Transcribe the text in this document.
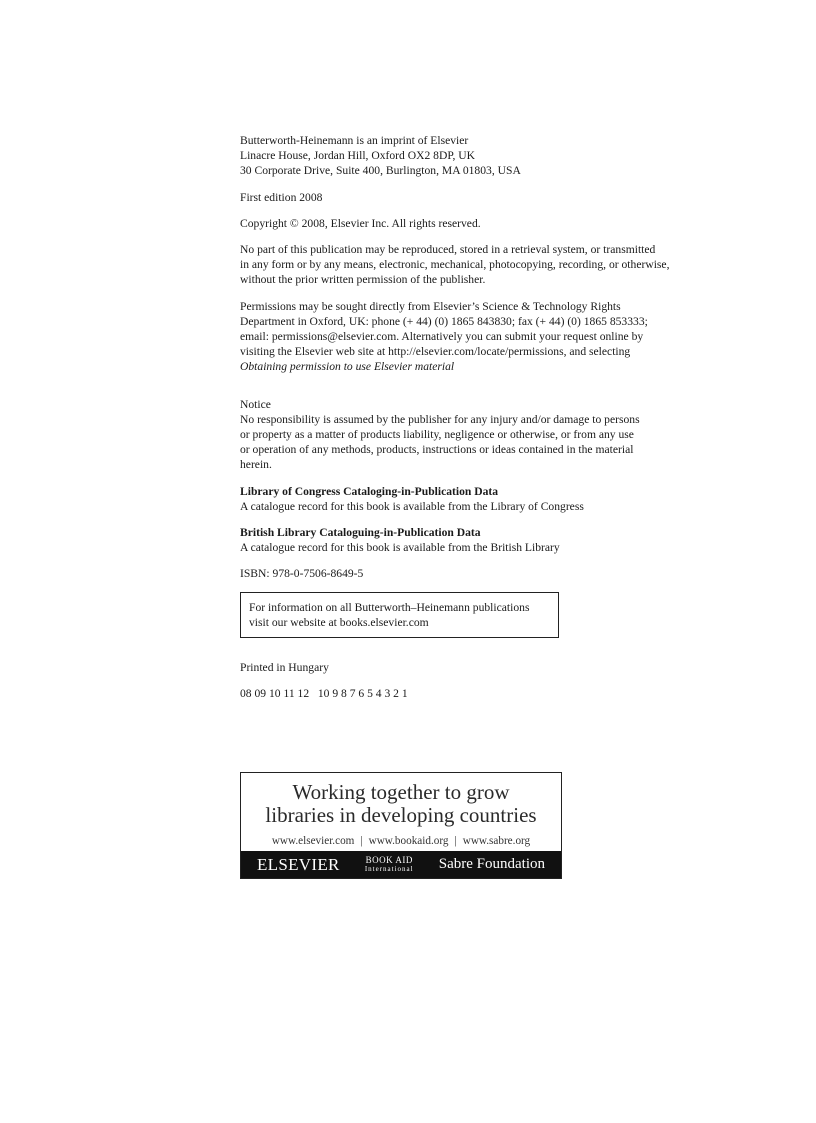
Butterworth-Heinemann is an imprint of Elsevier
Linacre House, Jordan Hill, Oxford OX2 8DP, UK
30 Corporate Drive, Suite 400, Burlington, MA 01803, USA
First edition 2008
Copyright © 2008, Elsevier Inc. All rights reserved.
No part of this publication may be reproduced, stored in a retrieval system, or transmitted
in any form or by any means, electronic, mechanical, photocopying, recording, or otherwise,
without the prior written permission of the publisher.
Permissions may be sought directly from Elsevier’s Science & Technology Rights
Department in Oxford, UK: phone (+ 44) (0) 1865 843830; fax (+ 44) (0) 1865 853333;
email: permissions@elsevier.com. Alternatively you can submit your request online by
visiting the Elsevier web site at http://elsevier.com/locate/permissions, and selecting
Obtaining permission to use Elsevier material
Notice
No responsibility is assumed by the publisher for any injury and/or damage to persons
or property as a matter of products liability, negligence or otherwise, or from any use
or operation of any methods, products, instructions or ideas contained in the material
herein.
Library of Congress Cataloging-in-Publication Data
A catalogue record for this book is available from the Library of Congress
British Library Cataloguing-in-Publication Data
A catalogue record for this book is available from the British Library
ISBN: 978-0-7506-8649-5
For information on all Butterworth–Heinemann publications
visit our website at books.elsevier.com
Printed in Hungary
08 09 10 11 12   10 9 8 7 6 5 4 3 2 1
Working together to grow
libraries in developing countries
www.elsevier.com | www.bookaid.org | www.sabre.org
ELSEVIER	BOOK AID
International Sabre Foundation
